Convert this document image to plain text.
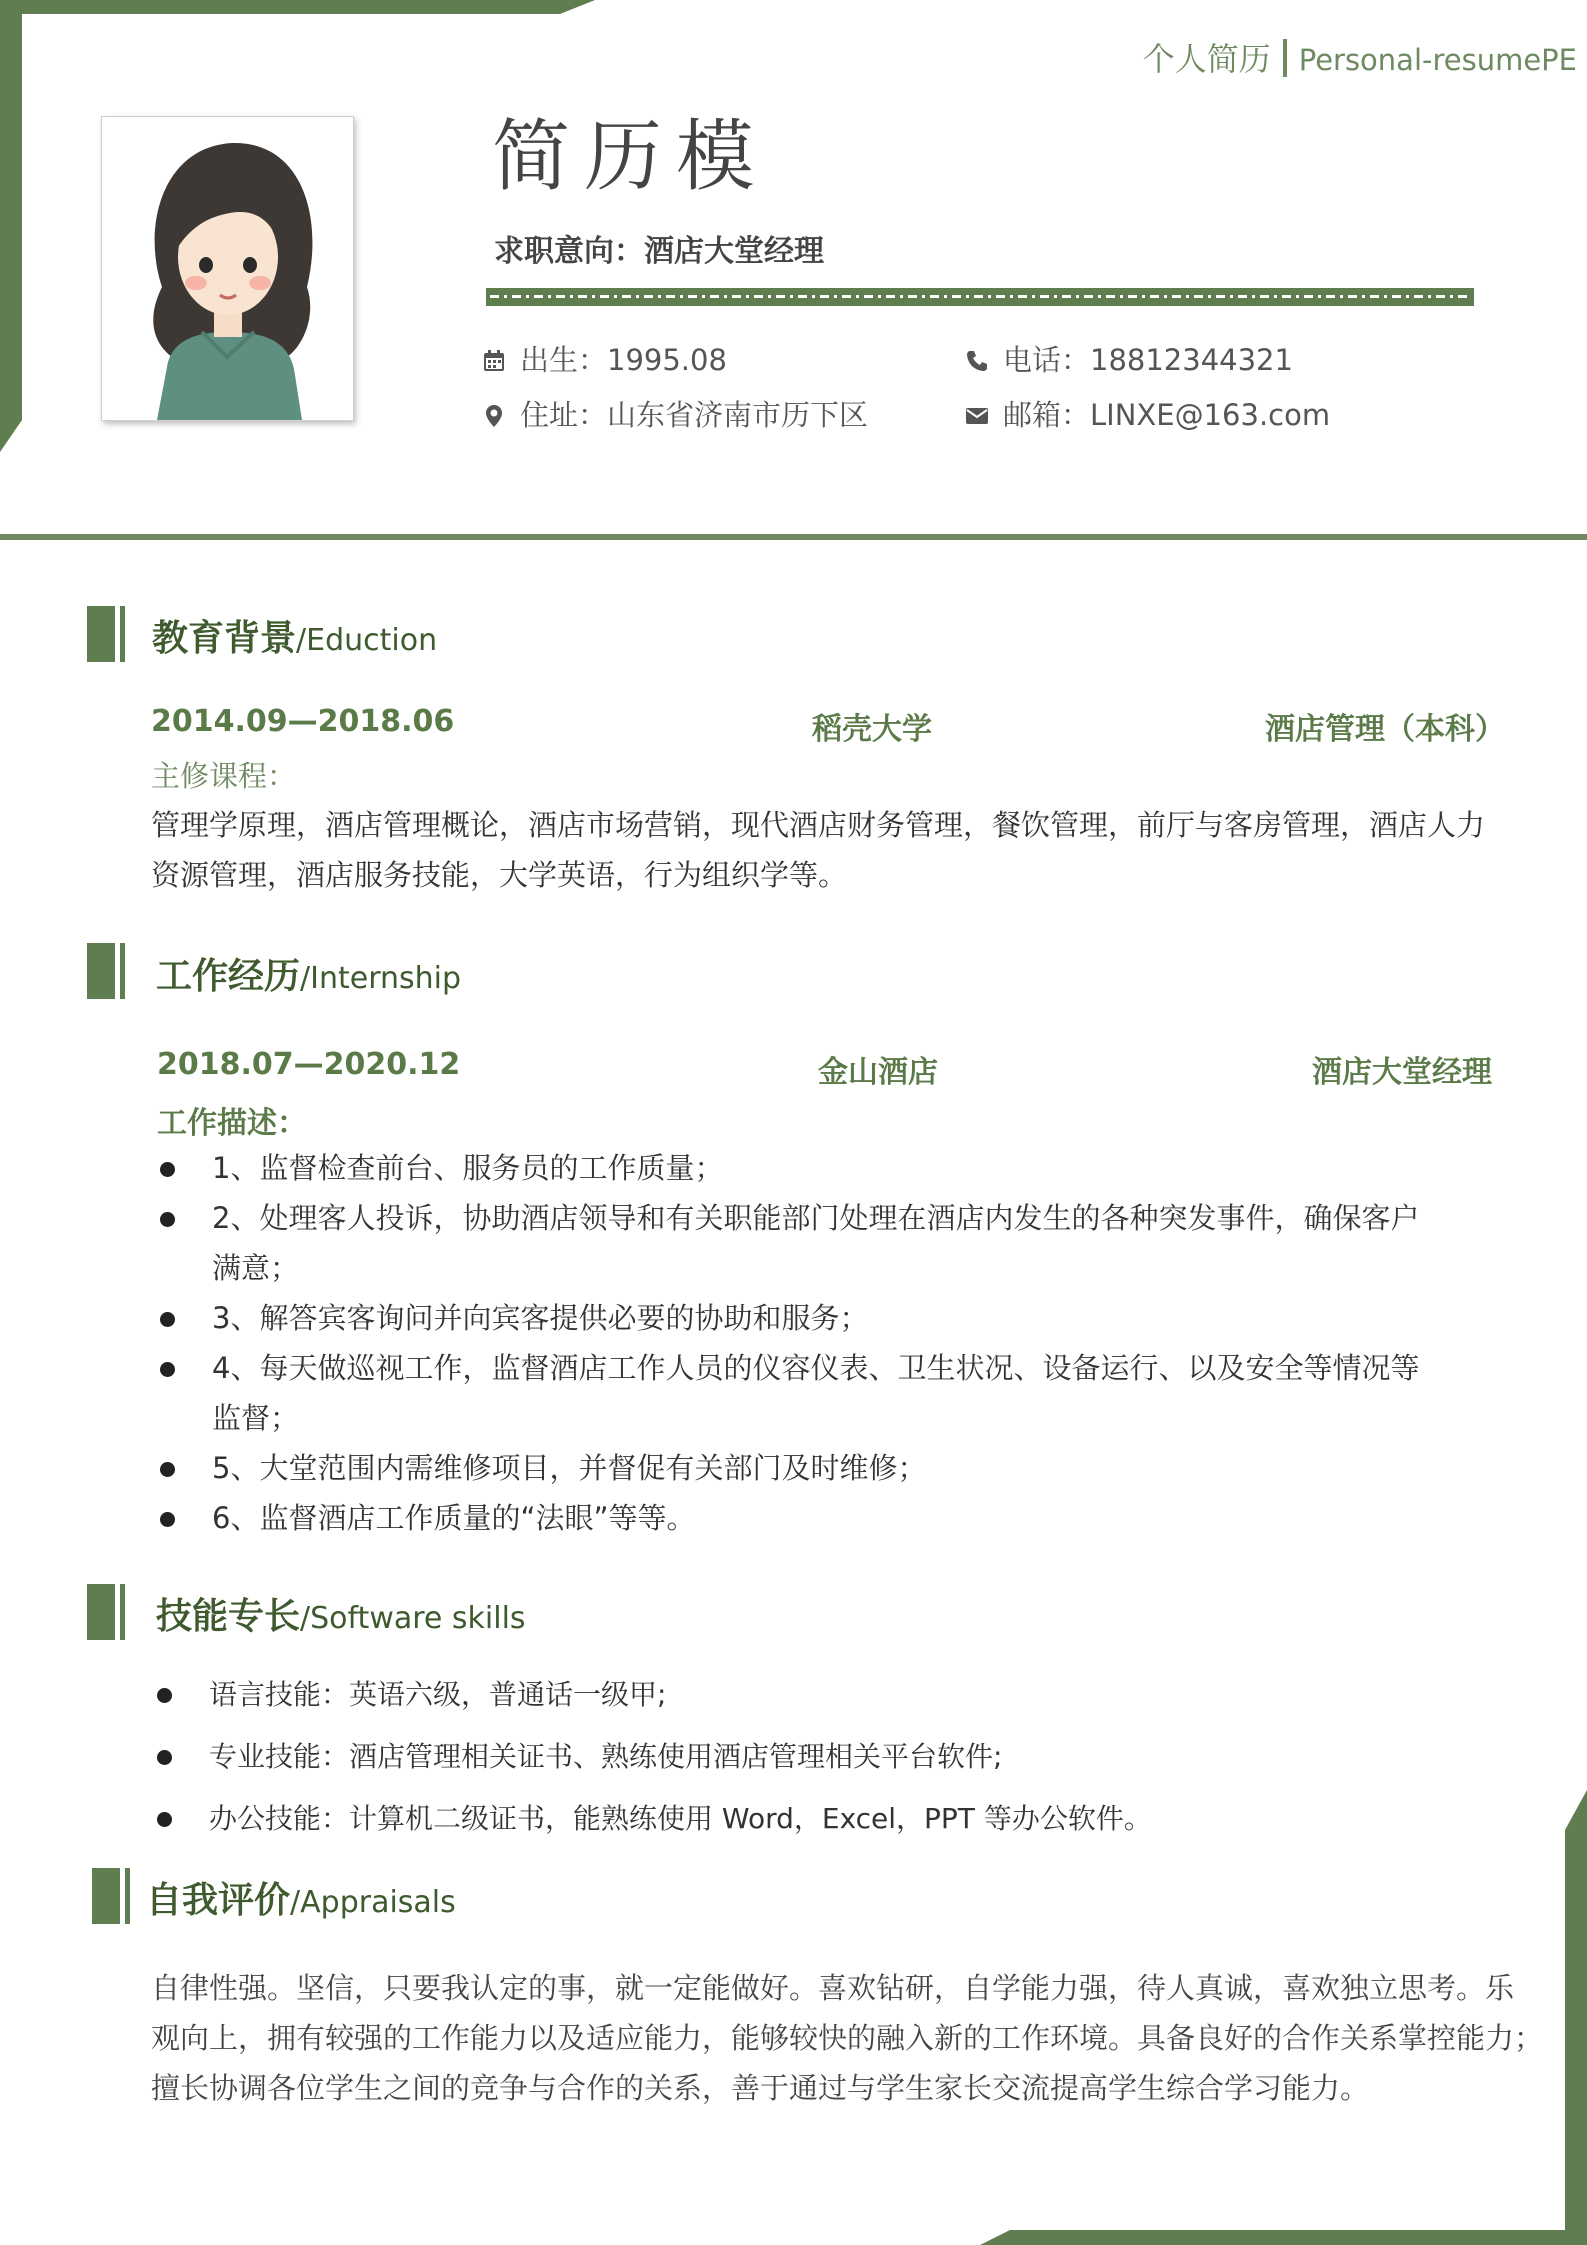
个人简历 Personal-resumePE
简历模
求职意向：酒店大堂经理
出生：1995.08	电话：18812344321
住址：山东省济南市历下区	邮箱：LINXE@163.com
教育背景/Eduction
2014.09—2018.06	稻壳大学	酒店管理（本科）
主修课程：
管理学原理，酒店管理概论，酒店市场营销，现代酒店财务管理，餐饮管理，前厅与客房管理，酒店人力
资源管理，酒店服务技能，大学英语，行为组织学等。
工作经历/Internship
2018.07—2020.12	金山酒店	酒店大堂经理
工作描述：
1、监督检查前台、服务员的工作质量；
2、处理客人投诉，协助酒店领导和有关职能部门处理在酒店内发生的各种突发事件，确保客户
满意；
3、解答宾客询问并向宾客提供必要的协助和服务；
4、每天做巡视工作，监督酒店工作人员的仪容仪表、卫生状况、设备运行、以及安全等情况等
监督；
5、大堂范围内需维修项目，并督促有关部门及时维修；
6、监督酒店工作质量的“法眼”等等。
技能专长/Software skills
语言技能：英语六级，普通话一级甲;
专业技能：酒店管理相关证书、熟练使用酒店管理相关平台软件;
办公技能：计算机二级证书，能熟练使用 Word，Excel，PPT 等办公软件。
自我评价/Appraisals
自律性强。坚信，只要我认定的事，就一定能做好。喜欢钻研，自学能力强，待人真诚，喜欢独立思考。乐
观向上，拥有较强的工作能力以及适应能力，能够较快的融入新的工作环境。具备良好的合作关系掌控能力；
擅长协调各位学生之间的竞争与合作的关系，善于通过与学生家长交流提高学生综合学习能力。
